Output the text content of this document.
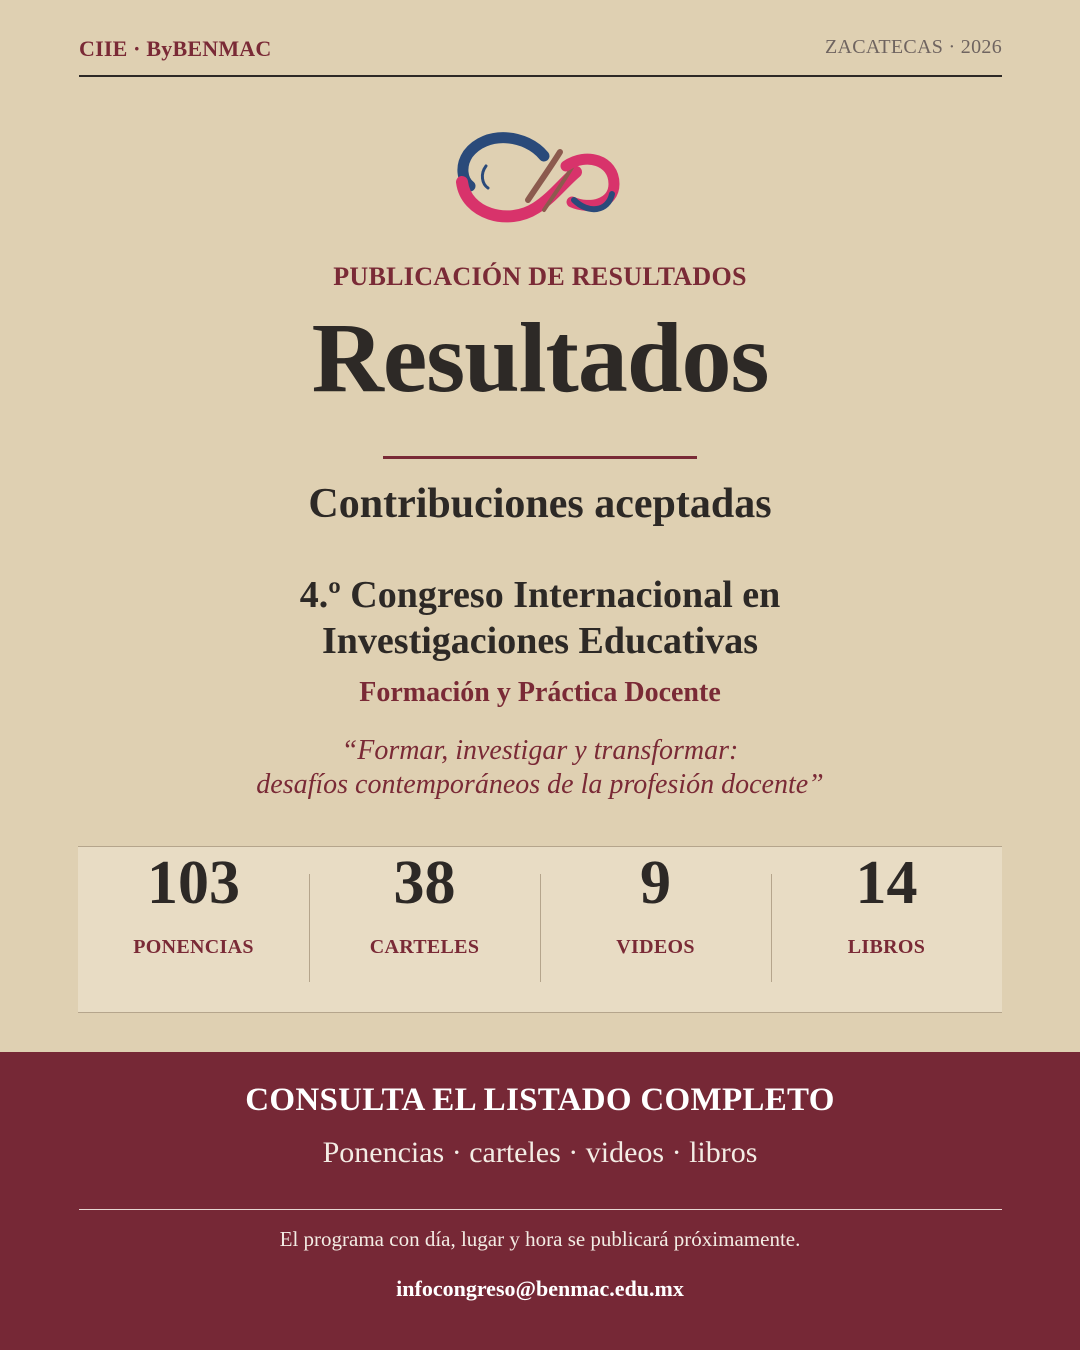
CIIE · ByBENMAC	ZACATECAS · 2026
PUBLICACIÓN DE RESULTADOS
Resultados
Contribuciones aceptadas
4.º Congreso Internacional en
Investigaciones Educativas
Formación y Práctica Docente
“Formar, investigar y transformar:
desafíos contemporáneos de la profesión docente”
103
PONENCIAS
38
CARTELES
9
VIDEOS
14
LIBROS
CONSULTA EL LISTADO COMPLETO
Ponencias · carteles · videos · libros
El programa con día, lugar y hora se publicará próximamente.
infocongreso@benmac.edu.mx
